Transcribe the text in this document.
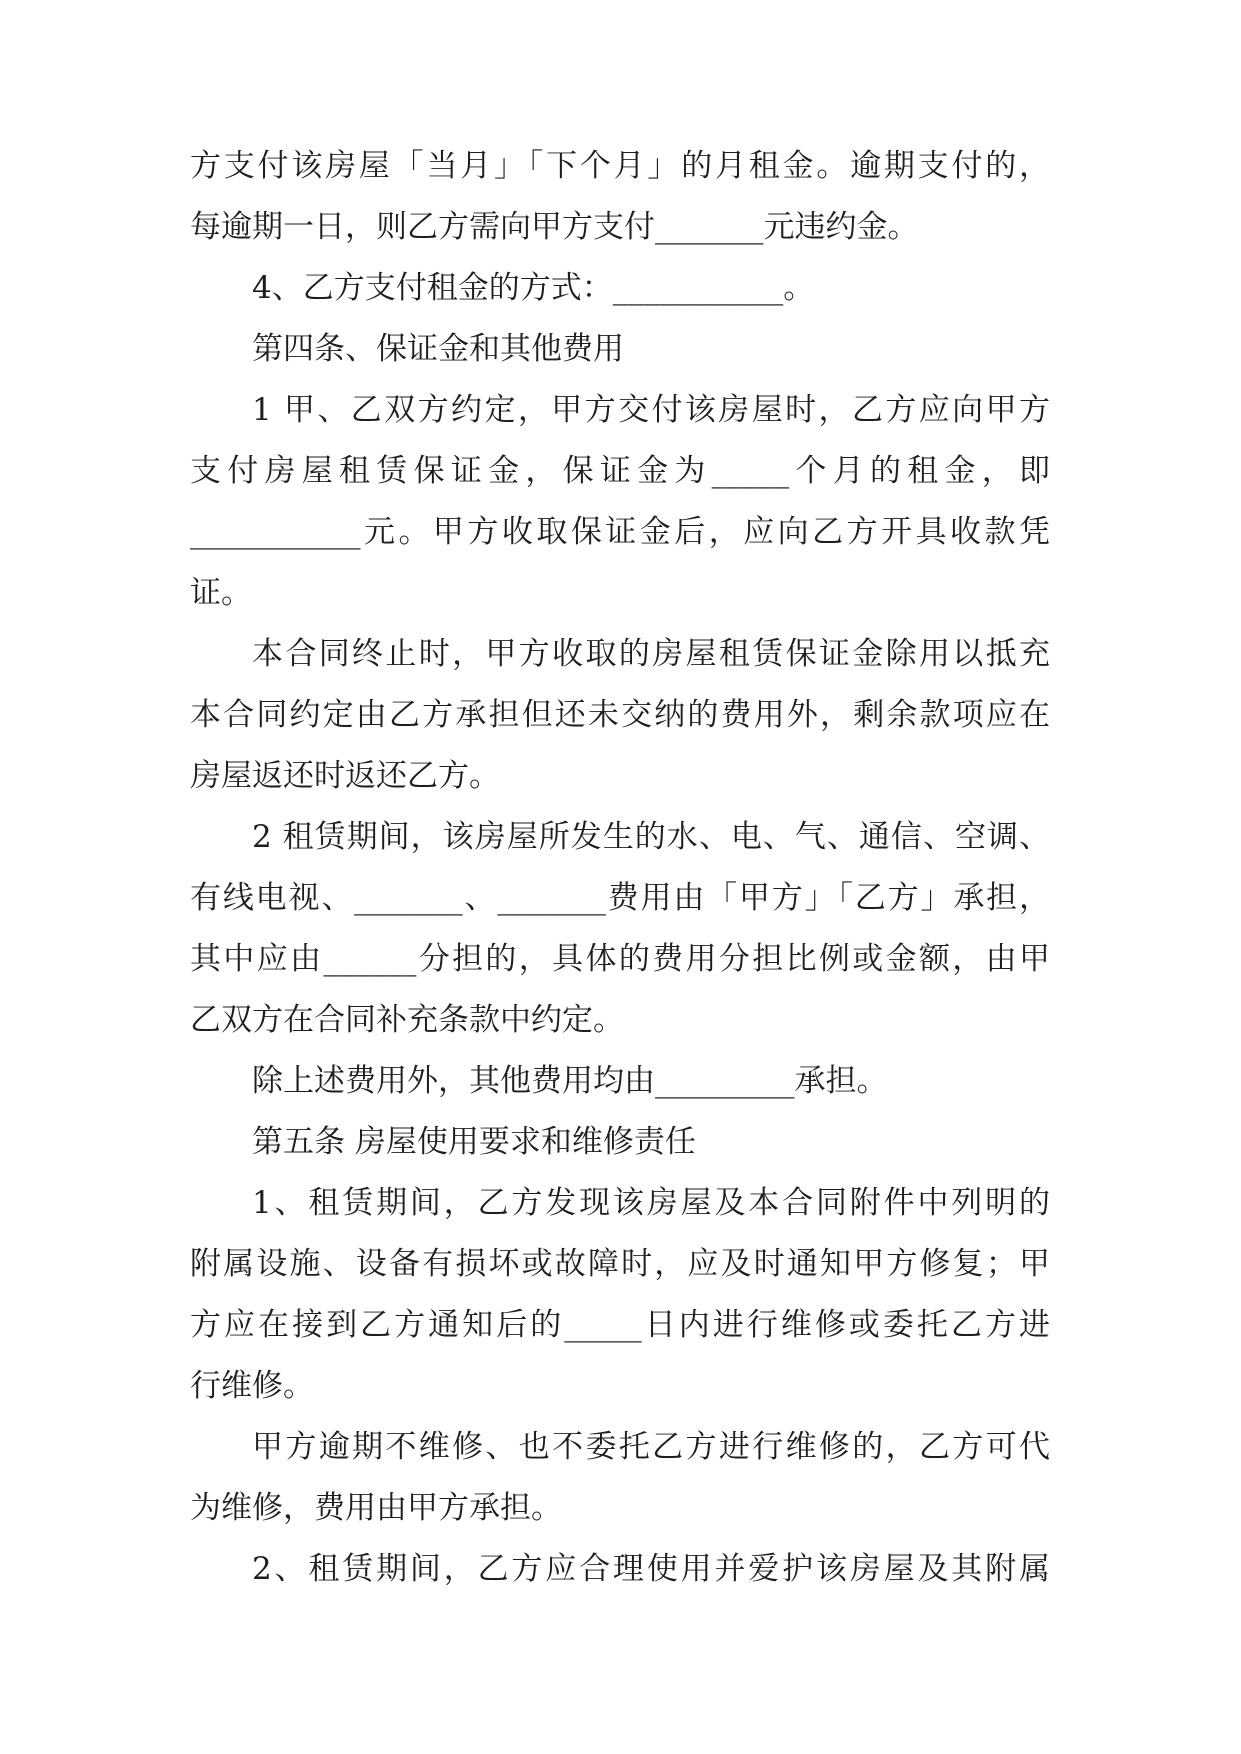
方支付该房屋「当月」「下个月」的月租金。逾期支付的，
每逾期一日，则乙方需向甲方支付_______元违约金。
4、乙方支付租金的方式：___________。
第四条、保证金和其他费用
1 甲、乙双方约定，甲方交付该房屋时，乙方应向甲方
支付房屋租赁保证金，保证金为_____个月的租金，即
___________元。甲方收取保证金后，应向乙方开具收款凭
证。
本合同终止时，甲方收取的房屋租赁保证金除用以抵充
本合同约定由乙方承担但还未交纳的费用外，剩余款项应在
房屋返还时返还乙方。
2 租赁期间，该房屋所发生的水、电、气、通信、空调、
有线电视、_______、_______费用由「甲方」「乙方」承担，
其中应由______分担的，具体的费用分担比例或金额，由甲
乙双方在合同补充条款中约定。
除上述费用外，其他费用均由_________承担。
第五条 房屋使用要求和维修责任
1、租赁期间，乙方发现该房屋及本合同附件中列明的
附属设施、设备有损坏或故障时，应及时通知甲方修复；甲
方应在接到乙方通知后的_____日内进行维修或委托乙方进
行维修。
甲方逾期不维修、也不委托乙方进行维修的，乙方可代
为维修，费用由甲方承担。
2、租赁期间，乙方应合理使用并爱护该房屋及其附属
